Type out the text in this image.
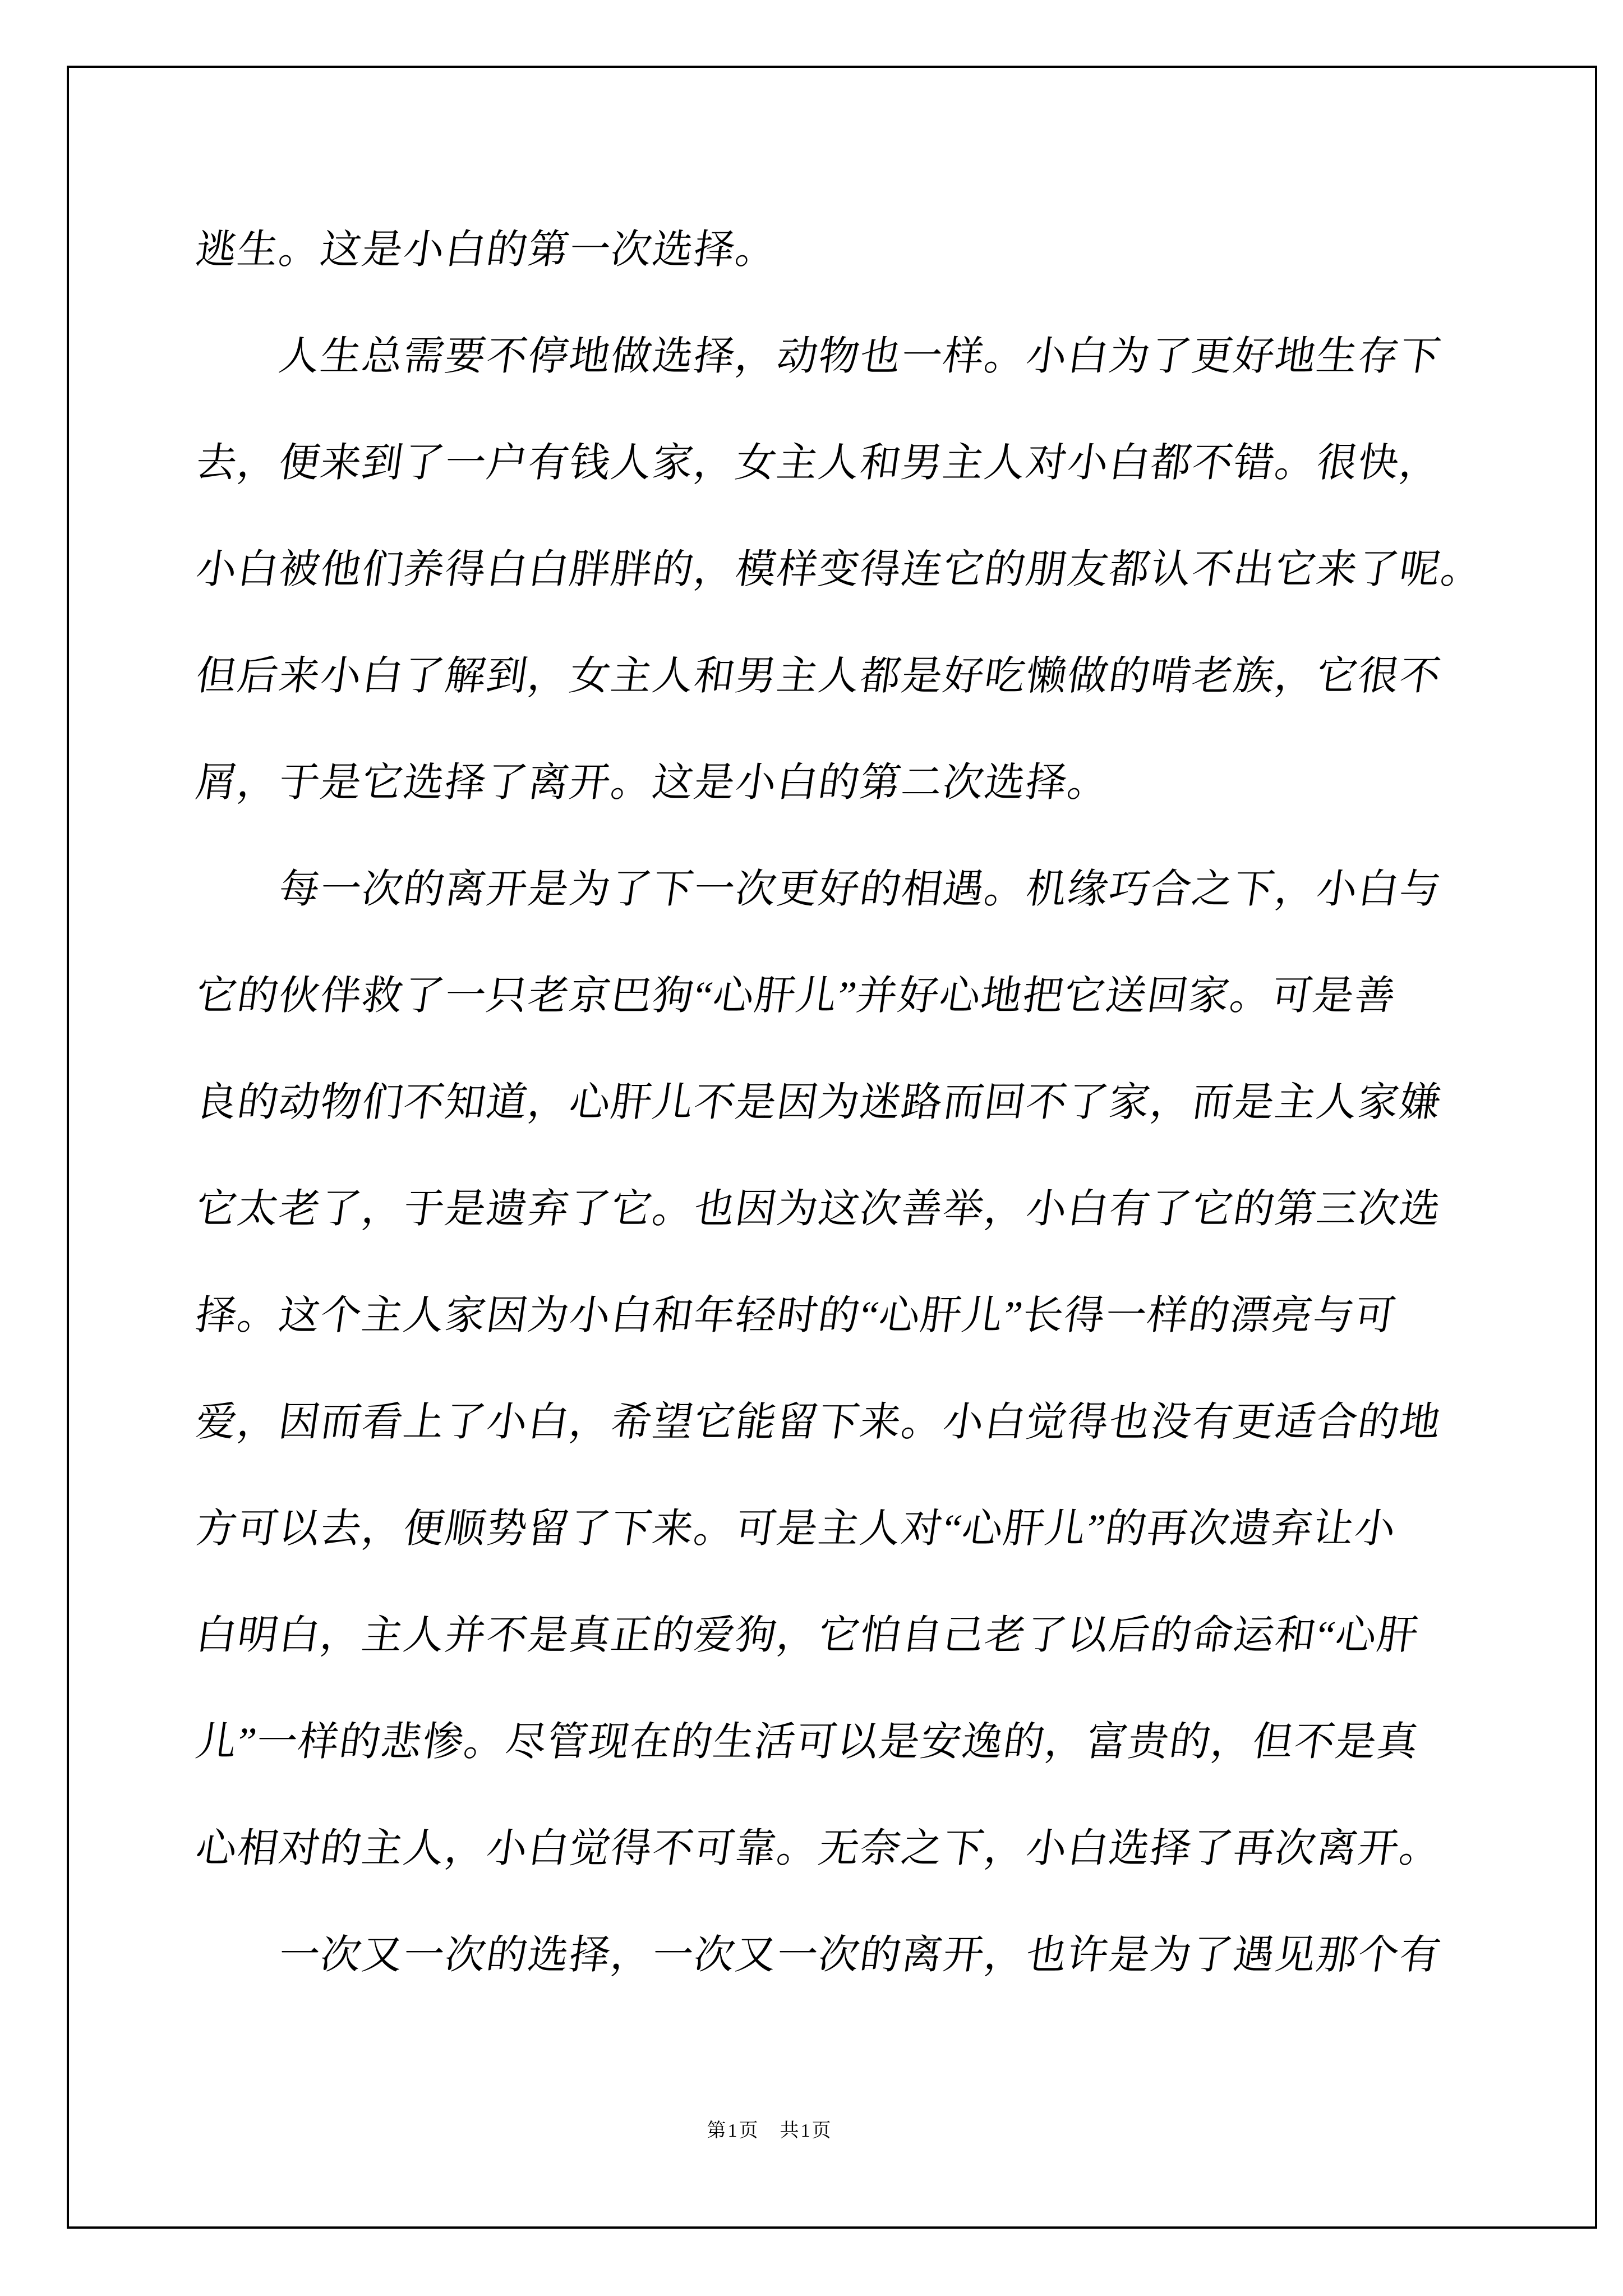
逃生。这是小白的第一次选择。
人生总需要不停地做选择，动物也一样。小白为了更好地生存下
去，便来到了一户有钱人家，女主人和男主人对小白都不错。很快，
小白被他们养得白白胖胖的，模样变得连它的朋友都认不出它来了呢。
但后来小白了解到，女主人和男主人都是好吃懒做的啃老族，它很不
屑，于是它选择了离开。这是小白的第二次选择。
每一次的离开是为了下一次更好的相遇。机缘巧合之下，小白与
它的伙伴救了一只老京巴狗“心肝儿”并好心地把它送回家。可是善
良的动物们不知道，心肝儿不是因为迷路而回不了家，而是主人家嫌
它太老了，于是遗弃了它。也因为这次善举，小白有了它的第三次选
择。这个主人家因为小白和年轻时的“心肝儿”长得一样的漂亮与可
爱，因而看上了小白，希望它能留下来。小白觉得也没有更适合的地
方可以去，便顺势留了下来。可是主人对“心肝儿”的再次遗弃让小
白明白，主人并不是真正的爱狗，它怕自己老了以后的命运和“心肝
儿”一样的悲惨。尽管现在的生活可以是安逸的，富贵的，但不是真
心相对的主人，小白觉得不可靠。无奈之下，小白选择了再次离开。
一次又一次的选择，一次又一次的离开，也许是为了遇见那个有
第1页 共1页
